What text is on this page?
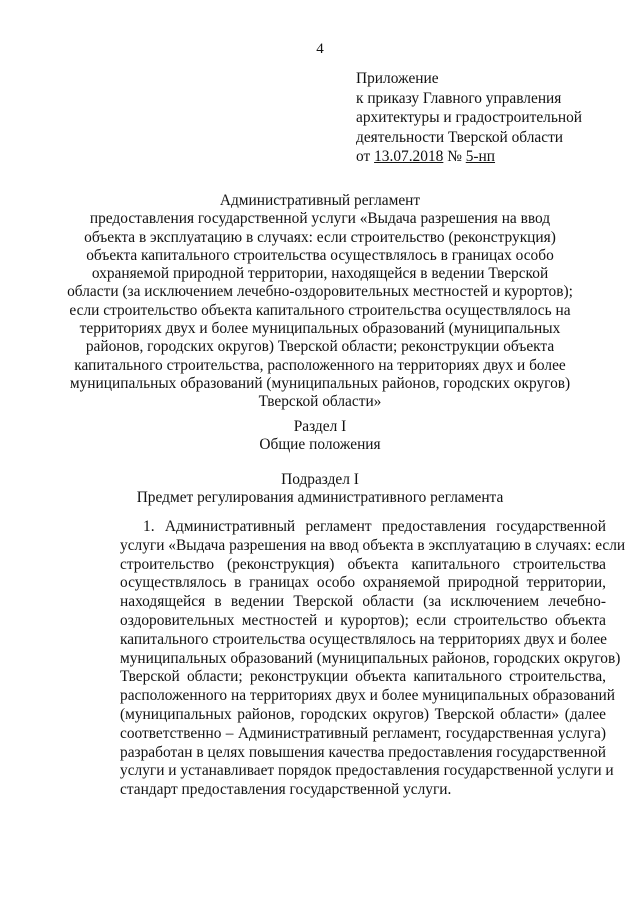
4
Приложение
к приказу Главного управления
архитектуры и градостроительной
деятельности Тверской области
от 13.07.2018 № 5-нп
Административный регламент
предоставления государственной услуги «Выдача разрешения на ввод
объекта в эксплуатацию в случаях: если строительство (реконструкция)
объекта капитального строительства осуществлялось в границах особо
охраняемой природной территории, находящейся в ведении Тверской
области (за исключением лечебно-оздоровительных местностей и курортов);
если строительство объекта капитального строительства осуществлялось на
территориях двух и более муниципальных образований (муниципальных
районов, городских округов) Тверской области; реконструкции объекта
капитального строительства, расположенного на территориях двух и более
муниципальных образований (муниципальных районов, городских округов)
Тверской области»
Раздел I
Общие положения
Подраздел I
Предмет регулирования административного регламента
1. Административный регламент предоставления государственной
услуги «Выдача разрешения на ввод объекта в эксплуатацию в случаях: если
строительство (реконструкция) объекта капитального строительства
осуществлялось в границах особо охраняемой природной территории,
находящейся в ведении Тверской области (за исключением лечебно-
оздоровительных местностей и курортов); если строительство объекта
капитального строительства осуществлялось на территориях двух и более
муниципальных образований (муниципальных районов, городских округов)
Тверской области; реконструкции объекта капитального строительства,
расположенного на территориях двух и более муниципальных образований
(муниципальных районов, городских округов) Тверской области» (далее
соответственно – Административный регламент, государственная услуга)
разработан в целях повышения качества предоставления государственной
услуги и устанавливает порядок предоставления государственной услуги и
стандарт предоставления государственной услуги.
